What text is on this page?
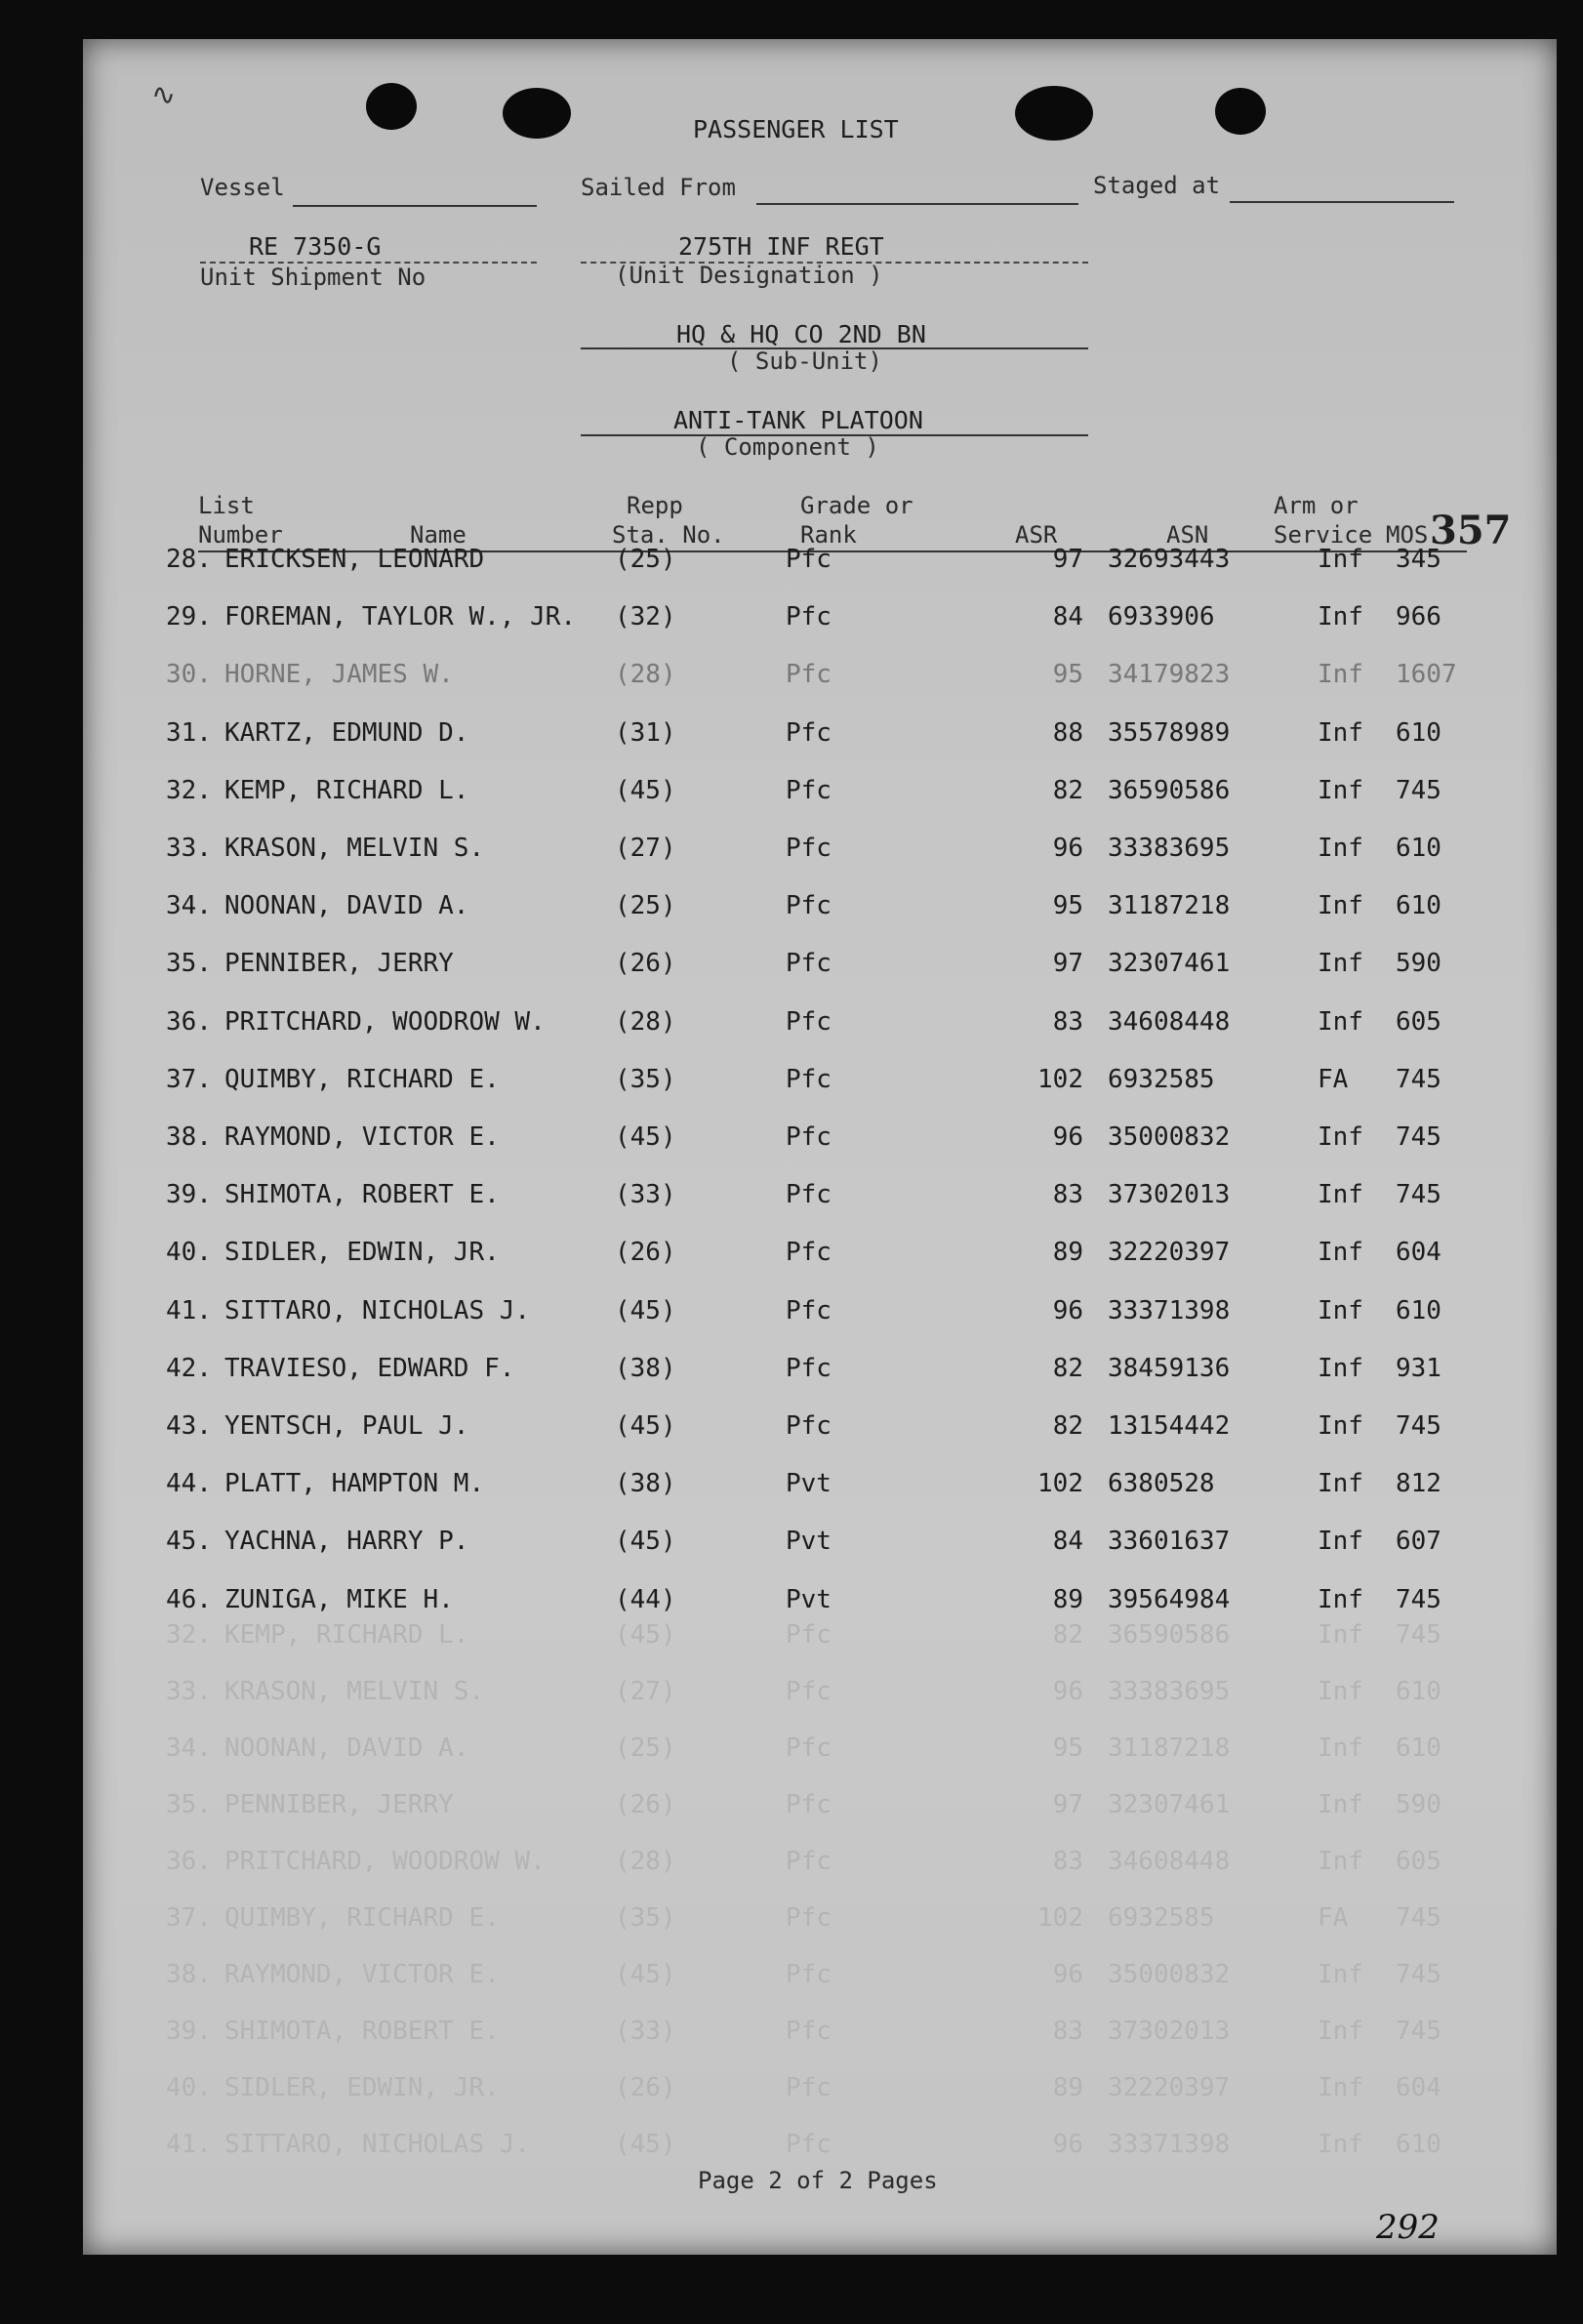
PASSENGER LIST
Vessel	Sailed From	Staged at
RE 7350-G
Unit Shipment No
275TH INF REGT
(Unit Designation )
HQ & HQ CO 2ND BN
( Sub-Unit)
ANTI-TANK PLATOON
( Component )
List
Number	Name
Repp
Sta. No.
Grade or
Rank	ASR	ASN
Arm or
Service MOS 357
28. ERICKSEN, LEONARD	(25)	Pfc	97 32693443	Inf 345
29. FOREMAN, TAYLOR W., JR. (32)	Pfc	84 6933906	Inf 966
30. HORNE, JAMES W.	(28)	Pfc	95 34179823	Inf 1607
31. KARTZ, EDMUND D.	(31)	Pfc	88 35578989	Inf 610
32. KEMP, RICHARD L.	(45)	Pfc	82 36590586	Inf 745
33. KRASON, MELVIN S.	(27)	Pfc	96 33383695	Inf 610
34. NOONAN, DAVID A.	(25)	Pfc	95 31187218	Inf 610
35. PENNIBER, JERRY	(26)	Pfc	97 32307461	Inf 590
36. PRITCHARD, WOODROW W.	(28)	Pfc	83 34608448	Inf 605
37. QUIMBY, RICHARD E.	(35)	Pfc	102 6932585	FA 745
38. RAYMOND, VICTOR E.	(45)	Pfc	96 35000832	Inf 745
39. SHIMOTA, ROBERT E.	(33)	Pfc	83 37302013	Inf 745
40. SIDLER, EDWIN, JR.	(26)	Pfc	89 32220397	Inf 604
41. SITTARO, NICHOLAS J.	(45)	Pfc	96 33371398	Inf 610
42. TRAVIESO, EDWARD F.	(38)	Pfc	82 38459136	Inf 931
43. YENTSCH, PAUL J.	(45)	Pfc	82 13154442	Inf 745
44. PLATT, HAMPTON M.	(38)	Pvt	102 6380528	Inf 812
45. YACHNA, HARRY P.	(45)	Pvt	84 33601637	Inf 607
46. ZUNIGA, MIKE H.	(44)	Pvt	89 39564984	Inf 745
32. KEMP, RICHARD L.	(45)	Pfc	82 36590586	Inf 745
33. KRASON, MELVIN S.	(27)	Pfc	96 33383695	Inf 610
34. NOONAN, DAVID A.	(25)	Pfc	95 31187218	Inf 610
35. PENNIBER, JERRY	(26)	Pfc	97 32307461	Inf 590
36. PRITCHARD, WOODROW W.	(28)	Pfc	83 34608448	Inf 605
37. QUIMBY, RICHARD E.	(35)	Pfc	102 6932585	FA 745
38. RAYMOND, VICTOR E.	(45)	Pfc	96 35000832	Inf 745
39. SHIMOTA, ROBERT E.	(33)	Pfc	83 37302013	Inf 745
40. SIDLER, EDWIN, JR.	(26)	Pfc	89 32220397	Inf 604
41. SITTARO, NICHOLAS J.	(45)	Pfc	96 33371398	Inf 610
Page 2 of 2 Pages
292
∿
